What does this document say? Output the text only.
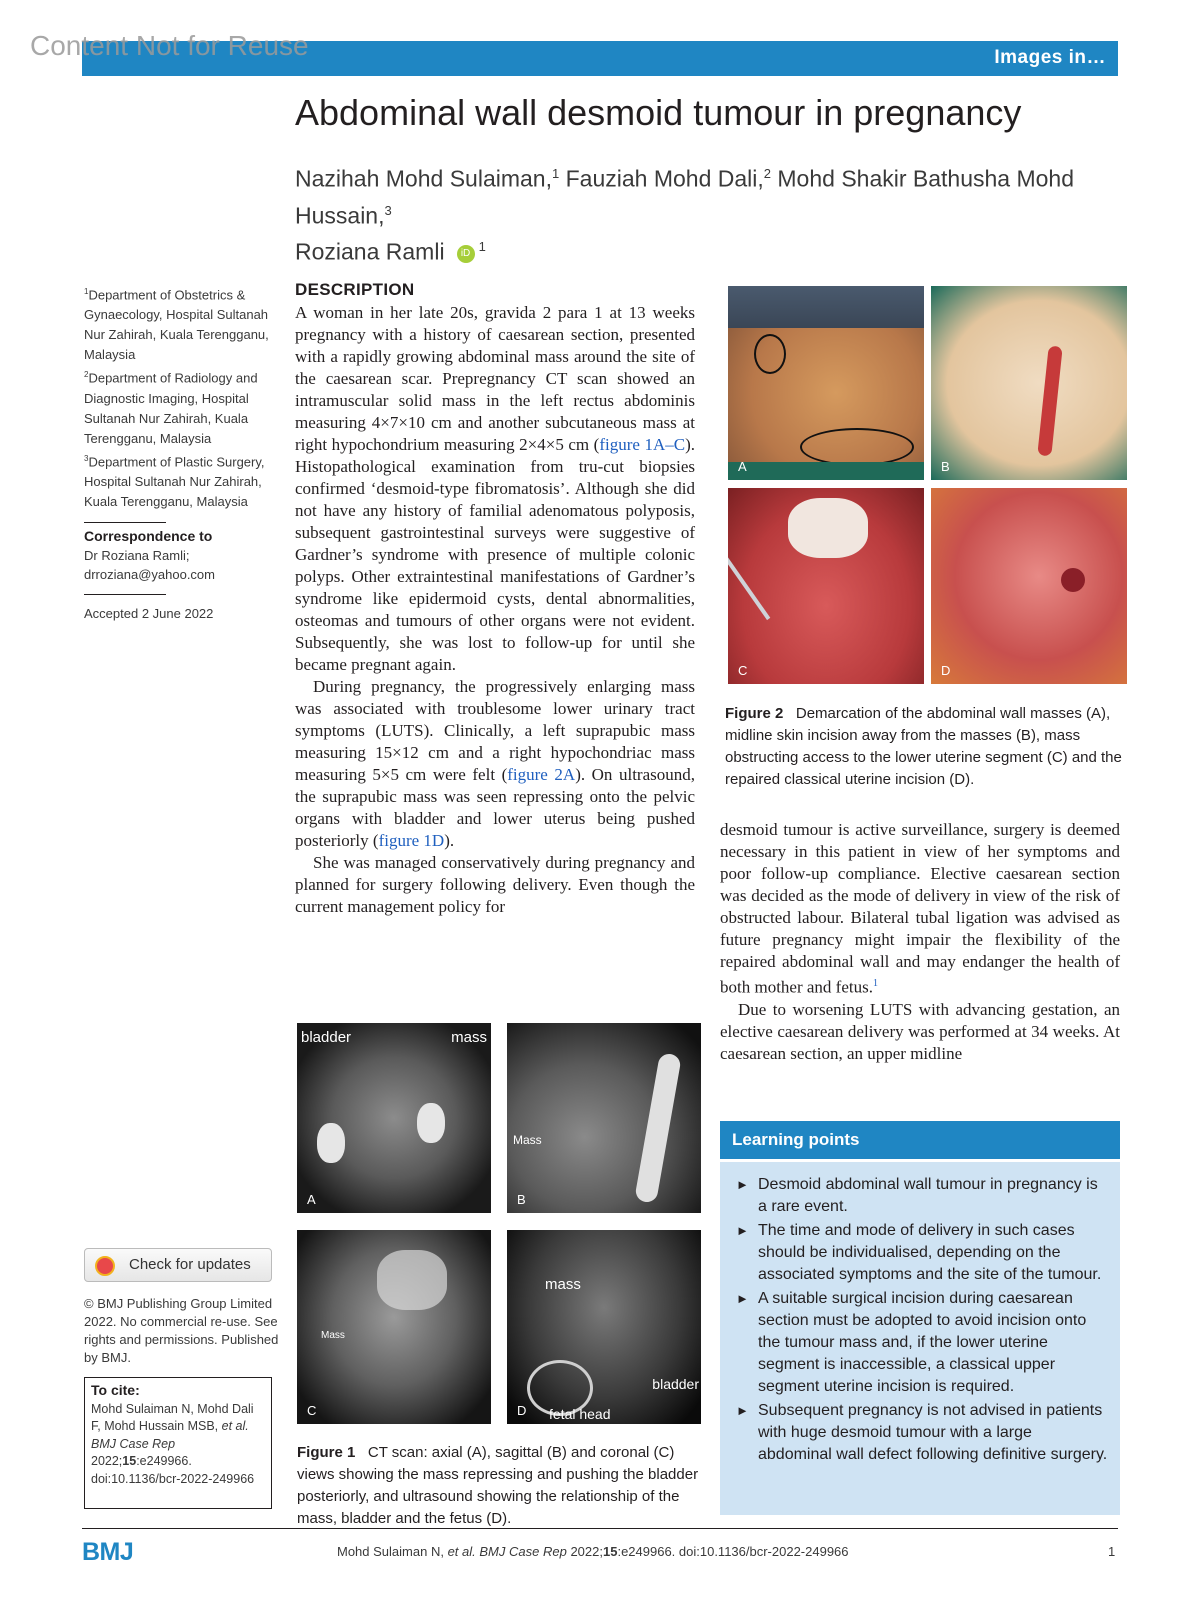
Content Not for Reuse	Images in…
Abdominal wall desmoid tumour in pregnancy
Nazihah Mohd Sulaiman,$^1$ Fauziah Mohd Dali,$^2$ Mohd Shakir Bathusha Mohd Hussain,$^3$
Roziana Ramli iD $^1$

$^1$Department of Obstetrics & Gynaecology, Hospital Sultanah Nur Zahirah, Kuala Terengganu, Malaysia

$^2$Department of Radiology and Diagnostic Imaging, Hospital Sultanah Nur Zahirah, Kuala Terengganu, Malaysia

$^3$Department of Plastic Surgery, Hospital Sultanah Nur Zahirah, Kuala Terengganu, Malaysia

Correspondence to
Dr Roziana Ramli;
drroziana@yahoo.com
Accepted 2 June 2022
Check for updates
© BMJ Publishing Group Limited 2022. No commercial re-use. See rights and permissions. Published by BMJ.
To cite:
Mohd Sulaiman N, Mohd Dali F, Mohd Hussain MSB, et al. BMJ Case Rep 2022;15:e249966. doi:10.1136/bcr-2022-249966
DESCRIPTION

A woman in her late 20s, gravida 2 para 1 at 13 weeks pregnancy with a history of caesarean section, presented with a rapidly growing abdominal mass around the site of the caesarean scar. Prepregnancy CT scan showed an intramuscular solid mass in the left rectus abdominis measuring 4×7×10 cm and another subcutaneous mass at right hypochondrium measuring 2×4×5 cm (figure 1A–C). Histopathological examination from tru-cut biopsies confirmed ‘desmoid-type fibromatosis’. Although she did not have any history of familial adenomatous polyposis, subsequent gastrointestinal surveys were suggestive of Gardner’s syndrome with presence of multiple colonic polyps. Other extraintestinal manifestations of Gardner’s syndrome like epidermoid cysts, dental abnormalities, osteomas and tumours of other organs were not evident. Subsequently, she was lost to follow-up for until she became pregnant again.

During pregnancy, the progressively enlarging mass was associated with troublesome lower urinary tract symptoms (LUTS). Clinically, a left suprapubic mass measuring 15×12 cm and a right hypochondriac mass measuring 5×5 cm were felt (figure 2A). On ultrasound, the suprapubic mass was seen repressing onto the pelvic organs with bladder and lower uterus being pushed posteriorly (figure 1D).

She was managed conservatively during pregnancy and planned for surgery following delivery. Even though the current management policy for

A	B
C	D
Figure 2 Demarcation of the abdominal wall masses (A), midline skin incision away from the masses (B), mass obstructing access to the lower uterine segment (C) and the repaired classical uterine incision (D).

desmoid tumour is active surveillance, surgery is deemed necessary in this patient in view of her symptoms and poor follow-up compliance. Elective caesarean section was decided as the mode of delivery in view of the risk of obstructed labour. Bilateral tubal ligation was advised as future pregnancy might impair the flexibility of the repaired abdominal wall and may endanger the health of both mother and fetus.$^1$

Due to worsening LUTS with advancing gestation, an elective caesarean delivery was performed at 34 weeks. At caesarean section, an upper midline

bladder	mass
A
Mass
B
Mass
C
mass
bladder
fetal head
D
Figure 1 CT scan: axial (A), sagittal (B) and coronal (C) views showing the mass repressing and pushing the bladder posteriorly, and ultrasound showing the relationship of the mass, bladder and the fetus (D).
Learning points
► Desmoid abdominal wall tumour in pregnancy is a rare event.
► The time and mode of delivery in such cases should be individualised, depending on the associated symptoms and the site of the tumour.
► A suitable surgical incision during caesarean section must be adopted to avoid incision onto the tumour mass and, if the lower uterine segment is inaccessible, a classical upper segment uterine incision is required.
► Subsequent pregnancy is not advised in patients with huge desmoid tumour with a large abdominal wall defect following definitive surgery.
BMJ	Mohd Sulaiman N, et al. BMJ Case Rep 2022;15:e249966. doi:10.1136/bcr-2022-249966	1
